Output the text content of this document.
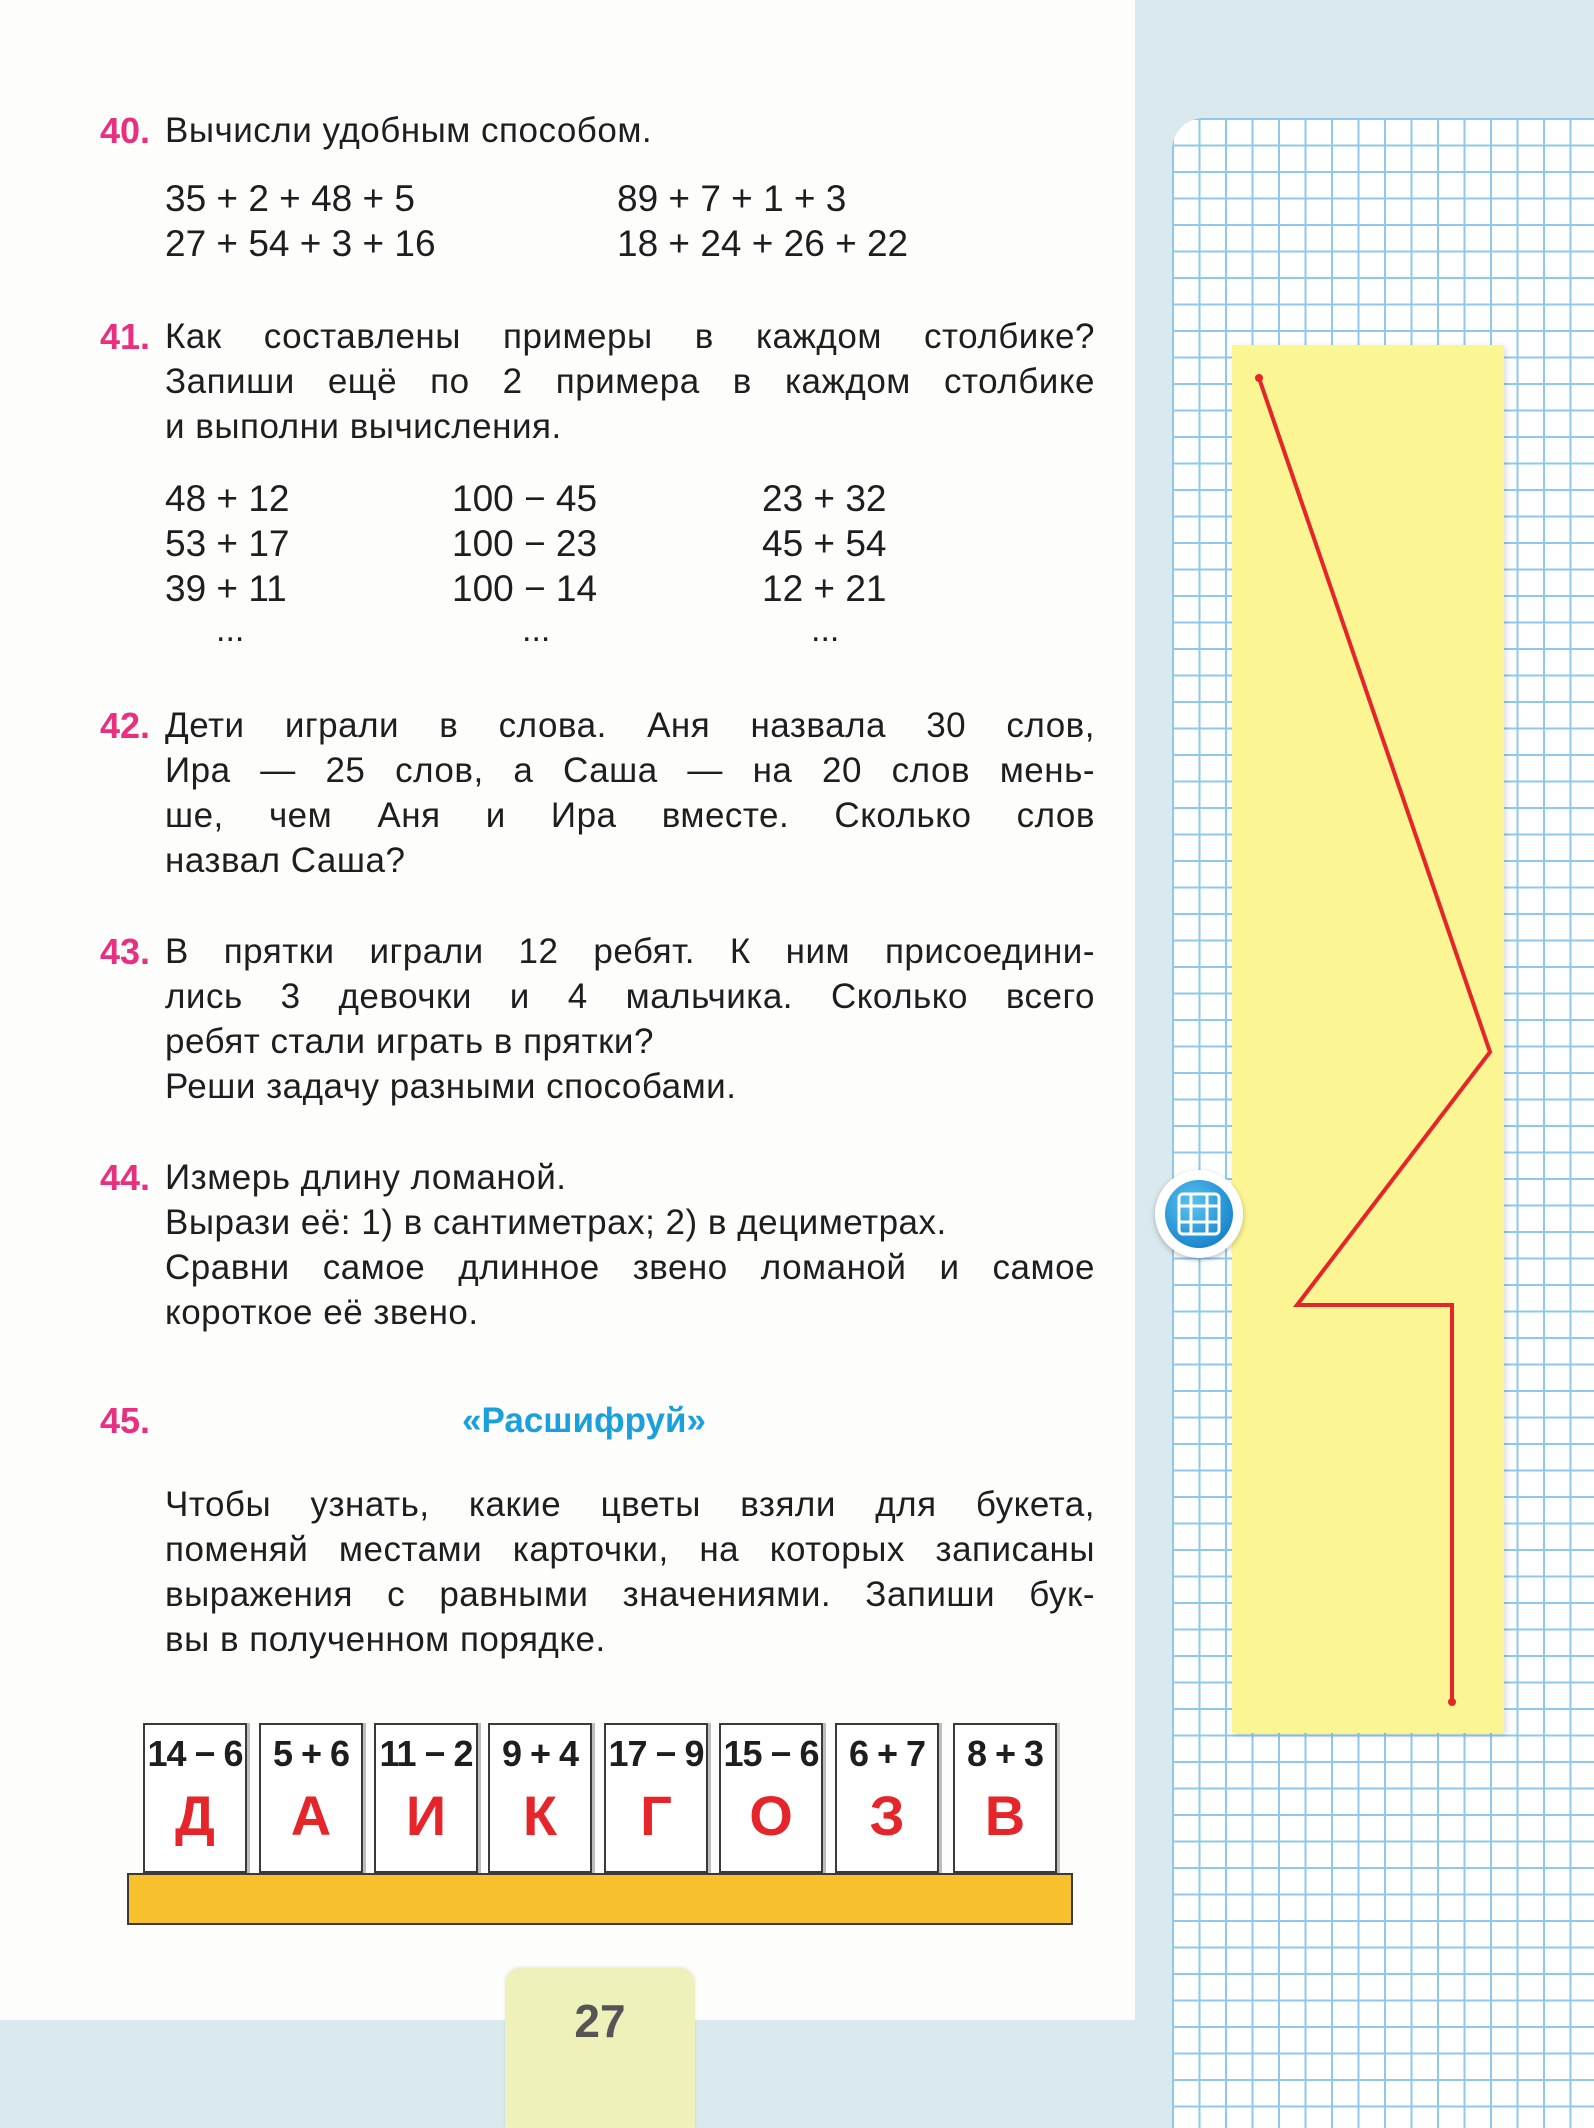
40. Вычисли удобным способом.
35 + 2 + 48 + 5
27 + 54 + 3 + 16
89 + 7 + 1 + 3
18 + 24 + 26 + 22
41. Как составлены примеры в каждом столбике?
Запиши ещё по 2 примера в каждом столбике
и выполни вычисления.
48 + 12
53 + 17
39 + 11
...
100 − 45
100 − 23
100 − 14
...
23 + 32
45 + 54
12 + 21
...
42. Дети играли в слова. Аня назвала 30 слов,
Ира — 25 слов, а Саша — на 20 слов мень-
ше, чем Аня и Ира вместе. Сколько слов
назвал Саша?
43. В прятки играли 12 ребят. К ним присоедини-
лись 3 девочки и 4 мальчика. Сколько всего
ребят стали играть в прятки?
Реши задачу разными способами.
44. Измерь длину ломаной.
Вырази её: 1) в сантиметрах; 2) в дециметрах.
Сравни самое длинное звено ломаной и самое
короткое её звено.
45.	«Расшифруй»
Чтобы узнать, какие цветы взяли для букета,
поменяй местами карточки, на которых записаны
выражения с равными значениями. Запиши бук-
вы в полученном порядке.
14 − 6
Д
5 + 6
А
11 − 2
И
9 + 4
К
17 − 9
Г
15 − 6
О
6 + 7
З
8 + 3
В
27
